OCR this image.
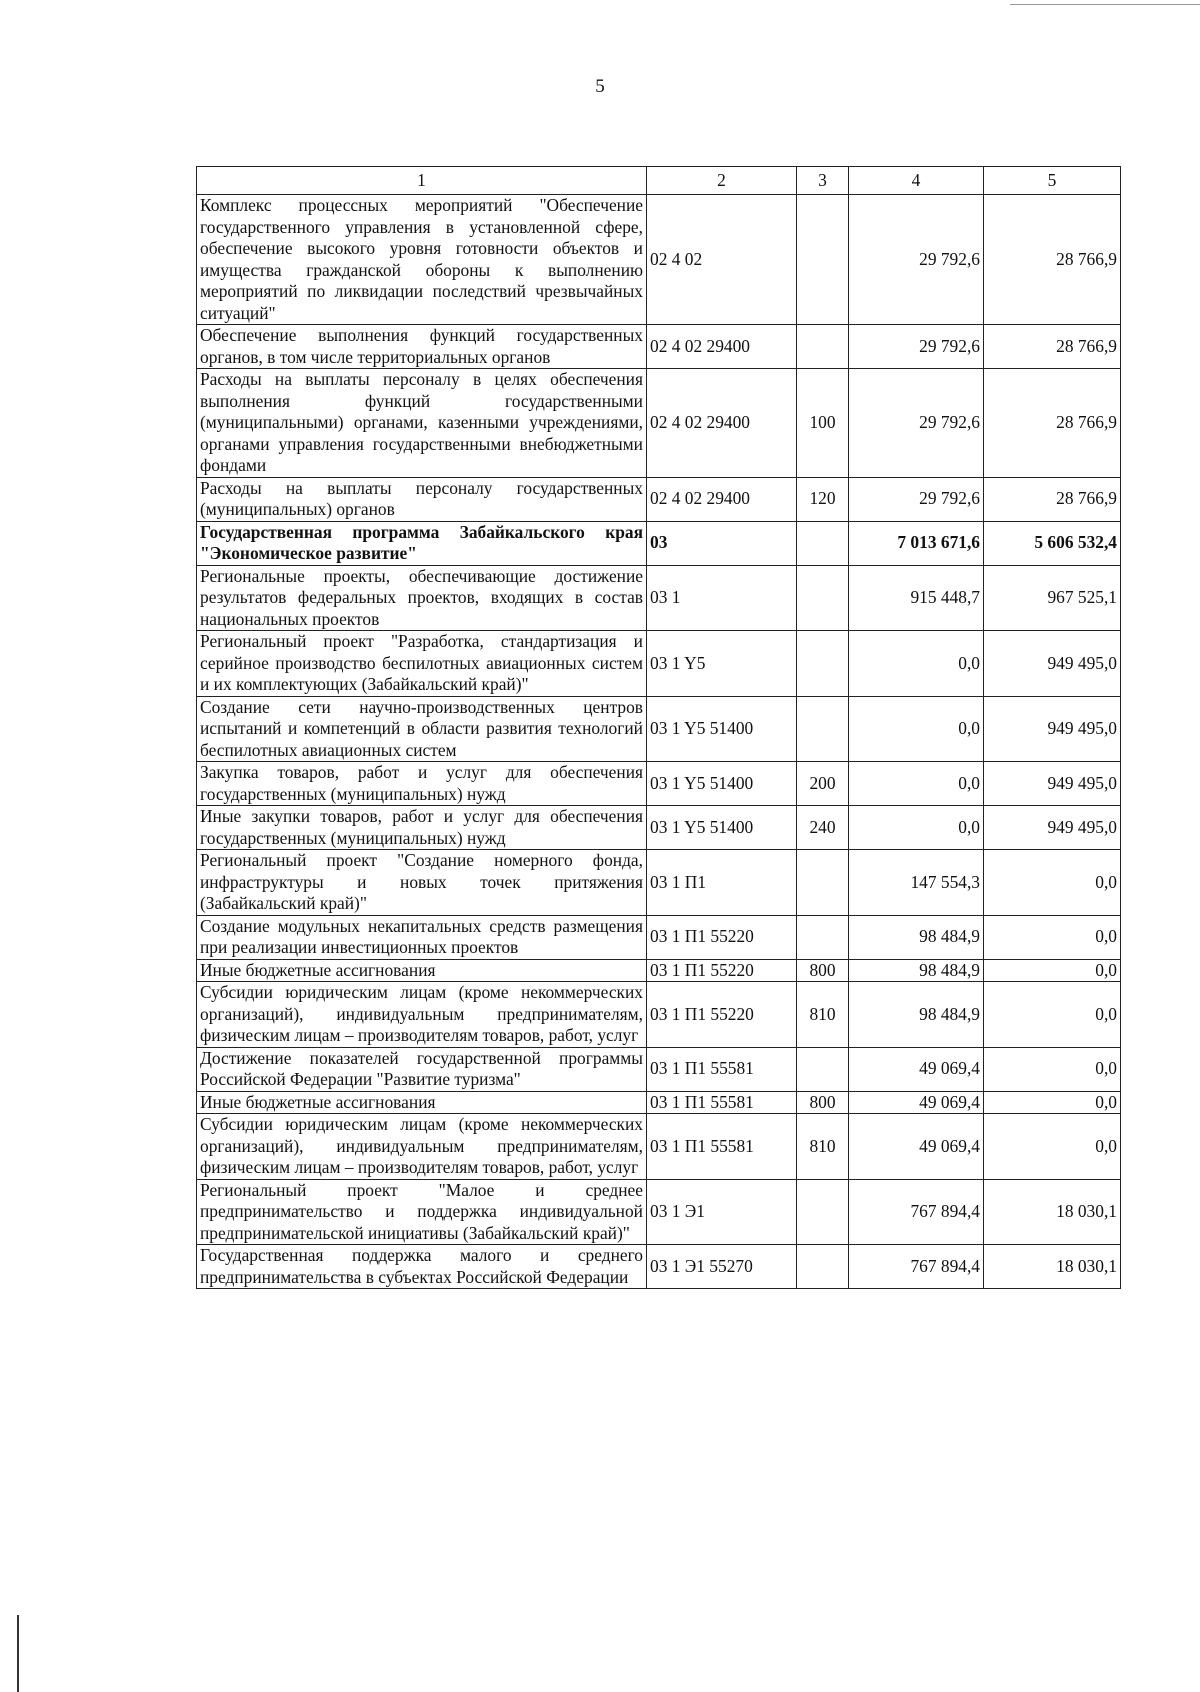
5
1	2	3	4	5
Комплекс процессных мероприятий "Обеспечение государственного управления в установленной сфере, обеспечение высокого уровня готовности объектов и имущества гражданской обороны к выполнению мероприятий по ликвидации последствий чрезвычайных ситуаций"	02 4 02		29 792,6	28 766,9
Обеспечение выполнения функций государственных органов, в том числе территориальных органов	02 4 02 29400		29 792,6	28 766,9
Расходы на выплаты персоналу в целях обеспечения выполнения функций государственными (муниципальными) органами, казенными учреждениями, органами управления государственными внебюджетными фондами	02 4 02 29400	100	29 792,6	28 766,9
Расходы на выплаты персоналу государственных (муниципальных) органов	02 4 02 29400	120	29 792,6	28 766,9
Государственная программа Забайкальского края "Экономическое развитие"	03		7 013 671,6	5 606 532,4
Региональные проекты, обеспечивающие достижение результатов федеральных проектов, входящих в состав национальных проектов	03 1		915 448,7	967 525,1
Региональный проект "Разработка, стандартизация и серийное производство беспилотных авиационных систем и их комплектующих (Забайкальский край)"	03 1 Y5		0,0	949 495,0
Создание сети научно-производственных центров испытаний и компетенций в области развития технологий беспилотных авиационных систем	03 1 Y5 51400		0,0	949 495,0
Закупка товаров, работ и услуг для обеспечения государственных (муниципальных) нужд	03 1 Y5 51400	200	0,0	949 495,0
Иные закупки товаров, работ и услуг для обеспечения государственных (муниципальных) нужд	03 1 Y5 51400	240	0,0	949 495,0
Региональный проект "Создание номерного фонда, инфраструктуры и новых точек притяжения (Забайкальский край)"	03 1 П1		147 554,3	0,0
Создание модульных некапитальных средств размещения при реализации инвестиционных проектов	03 1 П1 55220		98 484,9	0,0
Иные бюджетные ассигнования	03 1 П1 55220	800	98 484,9	0,0
Субсидии юридическим лицам (кроме некоммерческих организаций), индивидуальным предпринимателям, физическим лицам – производителям товаров, работ, услуг	03 1 П1 55220	810	98 484,9	0,0
Достижение показателей государственной программы Российской Федерации "Развитие туризма"	03 1 П1 55581		49 069,4	0,0
Иные бюджетные ассигнования	03 1 П1 55581	800	49 069,4	0,0
Субсидии юридическим лицам (кроме некоммерческих организаций), индивидуальным предпринимателям, физическим лицам – производителям товаров, работ, услуг	03 1 П1 55581	810	49 069,4	0,0
Региональный проект "Малое и среднее предпринимательство и поддержка индивидуальной предпринимательской инициативы (Забайкальский край)"	03 1 Э1		767 894,4	18 030,1
Государственная поддержка малого и среднего предпринимательства в субъектах Российской Федерации	03 1 Э1 55270		767 894,4	18 030,1
